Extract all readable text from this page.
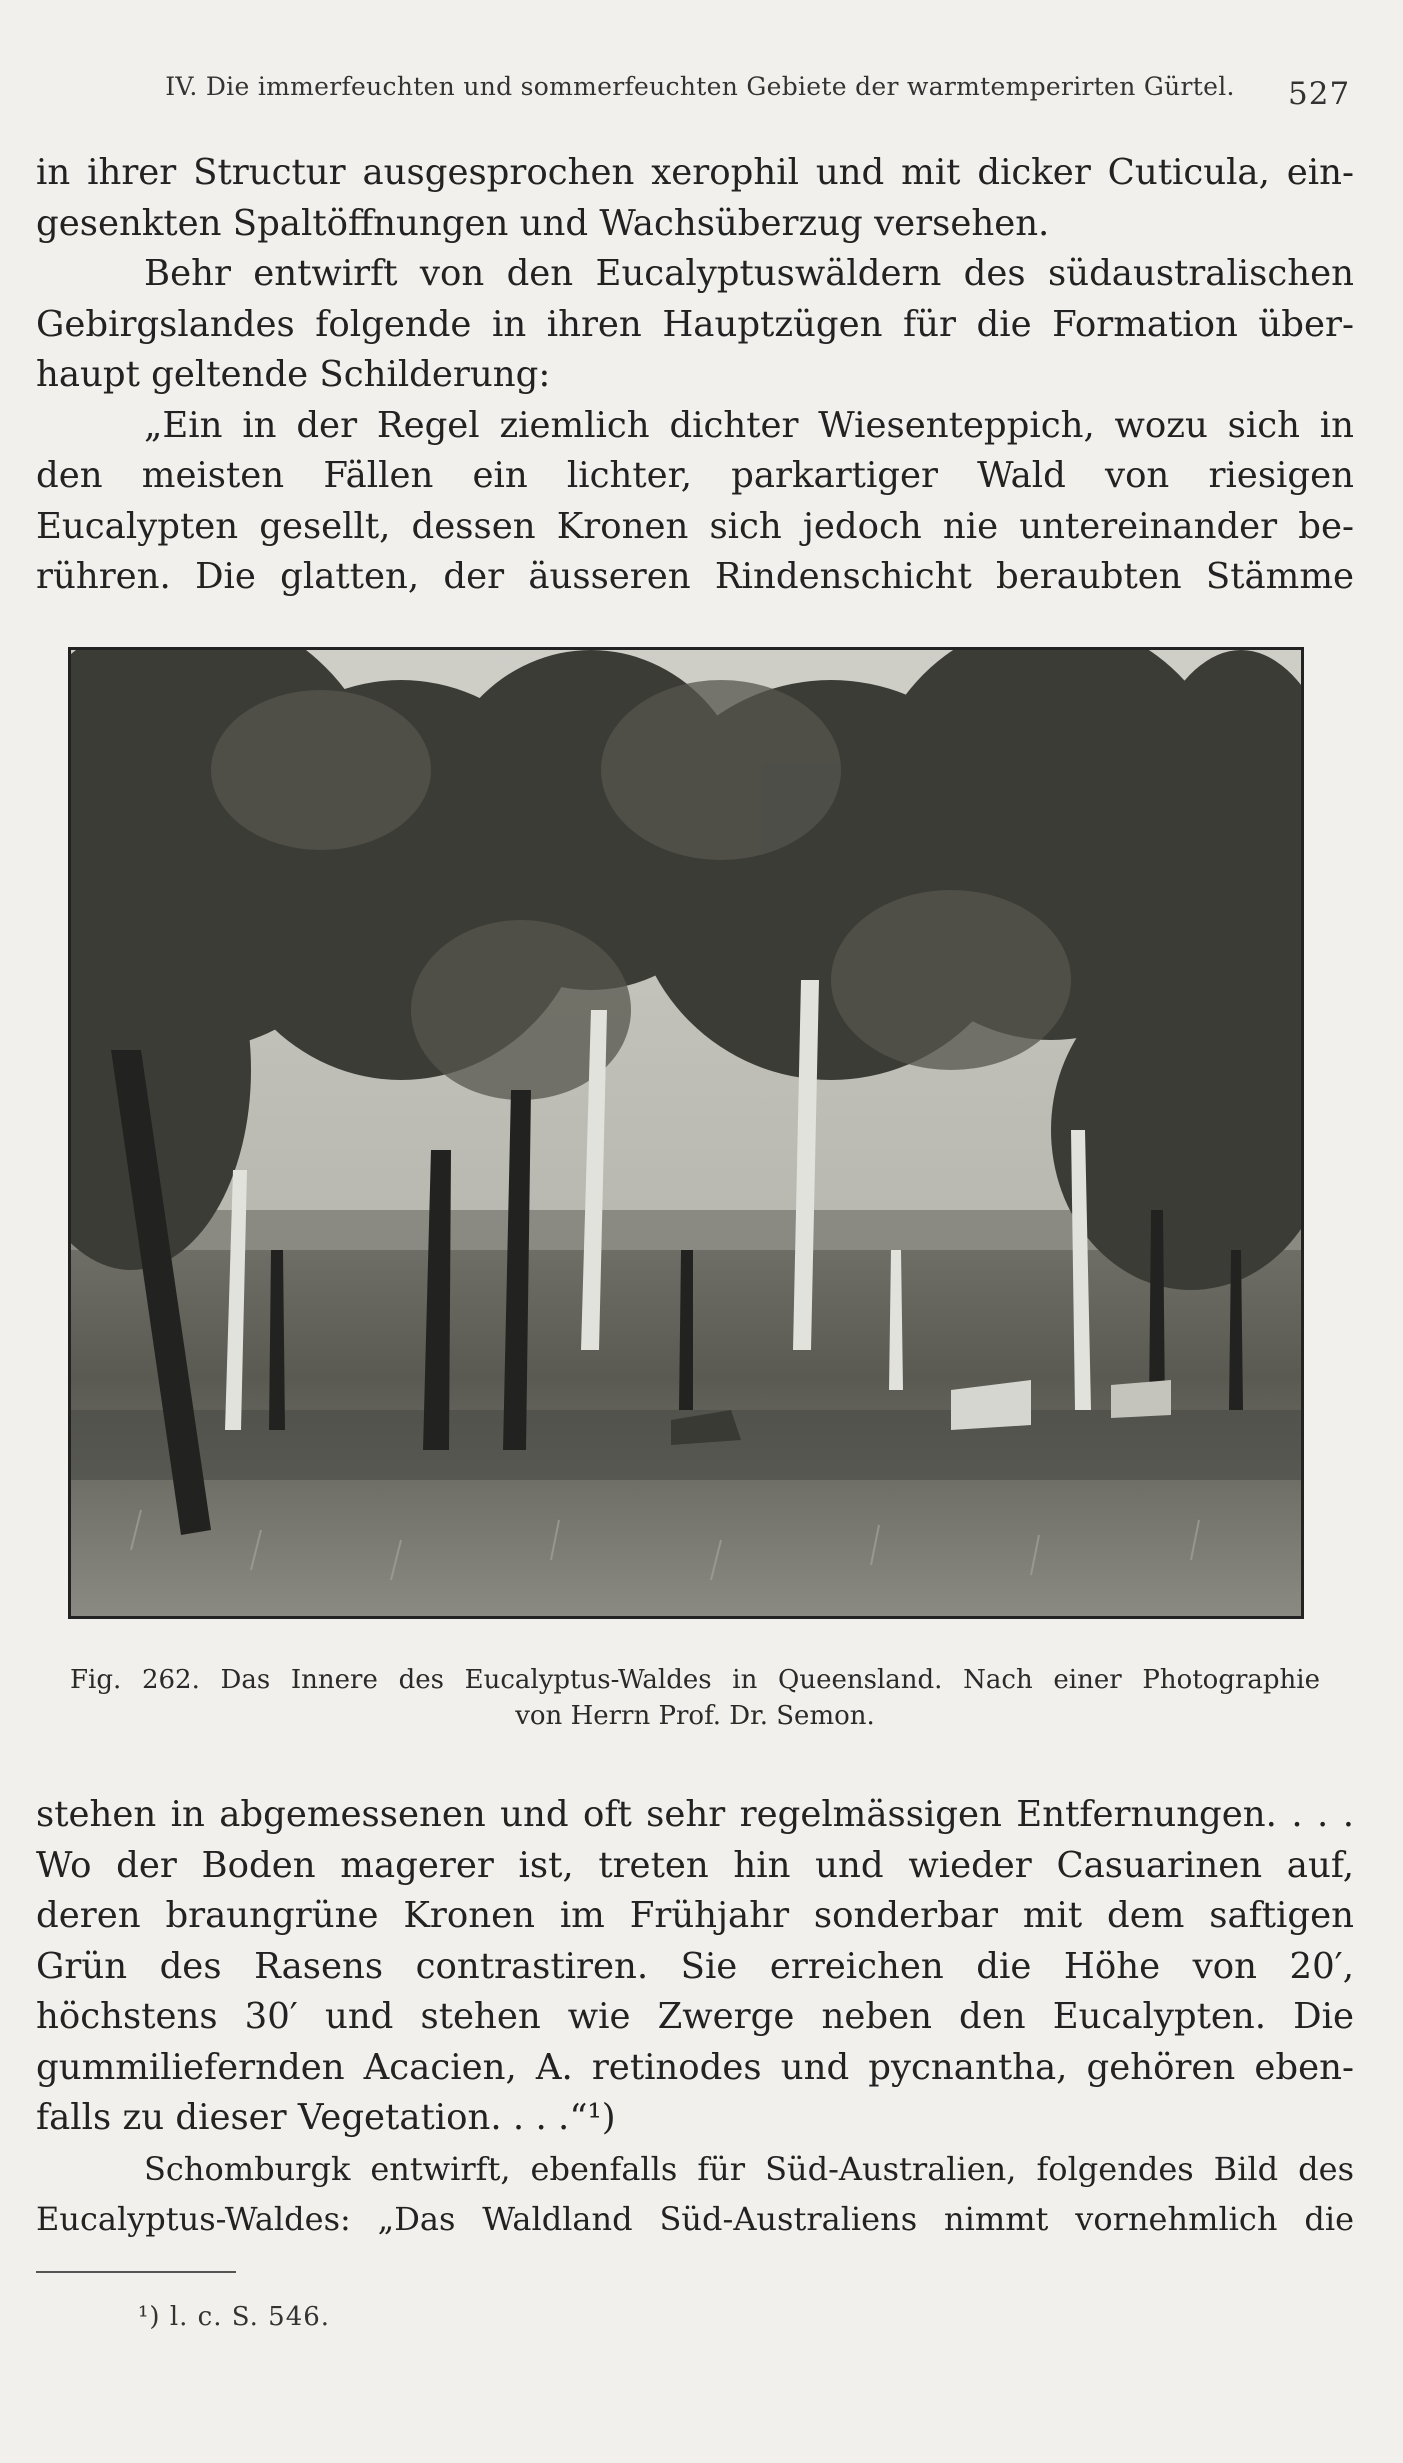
IV. Die immerfeuchten und sommerfeuchten Gebiete der warmtemperirten Gürtel.	527

in ihrer Structur ausgesprochen xerophil und mit dicker Cuticula, ein-
gesenkten Spaltöffnungen und Wachsüberzug versehen.

Behr entwirft von den Eucalyptuswäldern des südaustralischen
Gebirgslandes folgende in ihren Hauptzügen für die Formation über-
haupt geltende Schilderung:

„Ein in der Regel ziemlich dichter Wiesenteppich, wozu sich in
den meisten Fällen ein lichter, parkartiger Wald von riesigen
Eucalypten gesellt, dessen Kronen sich jedoch nie untereinander be-
rühren. Die glatten, der äusseren Rindenschicht beraubten Stämme

Fig. 262. Das Innere des Eucalyptus-Waldes in Queensland. Nach einer Photographie
von Herrn Prof. Dr. Semon.

stehen in abgemessenen und oft sehr regelmässigen Entfernungen. . . .
Wo der Boden magerer ist, treten hin und wieder Casuarinen auf,
deren braungrüne Kronen im Frühjahr sonderbar mit dem saftigen
Grün des Rasens contrastiren. Sie erreichen die Höhe von 20′,
höchstens 30′ und stehen wie Zwerge neben den Eucalypten. Die
gummiliefernden Acacien, A. retinodes und pycnantha, gehören eben-
falls zu dieser Vegetation. . . .“¹)

Schomburgk entwirft, ebenfalls für Süd-Australien, folgendes Bild des
Eucalyptus-Waldes: „Das Waldland Süd-Australiens nimmt vornehmlich die

¹) l. c. S. 546.
